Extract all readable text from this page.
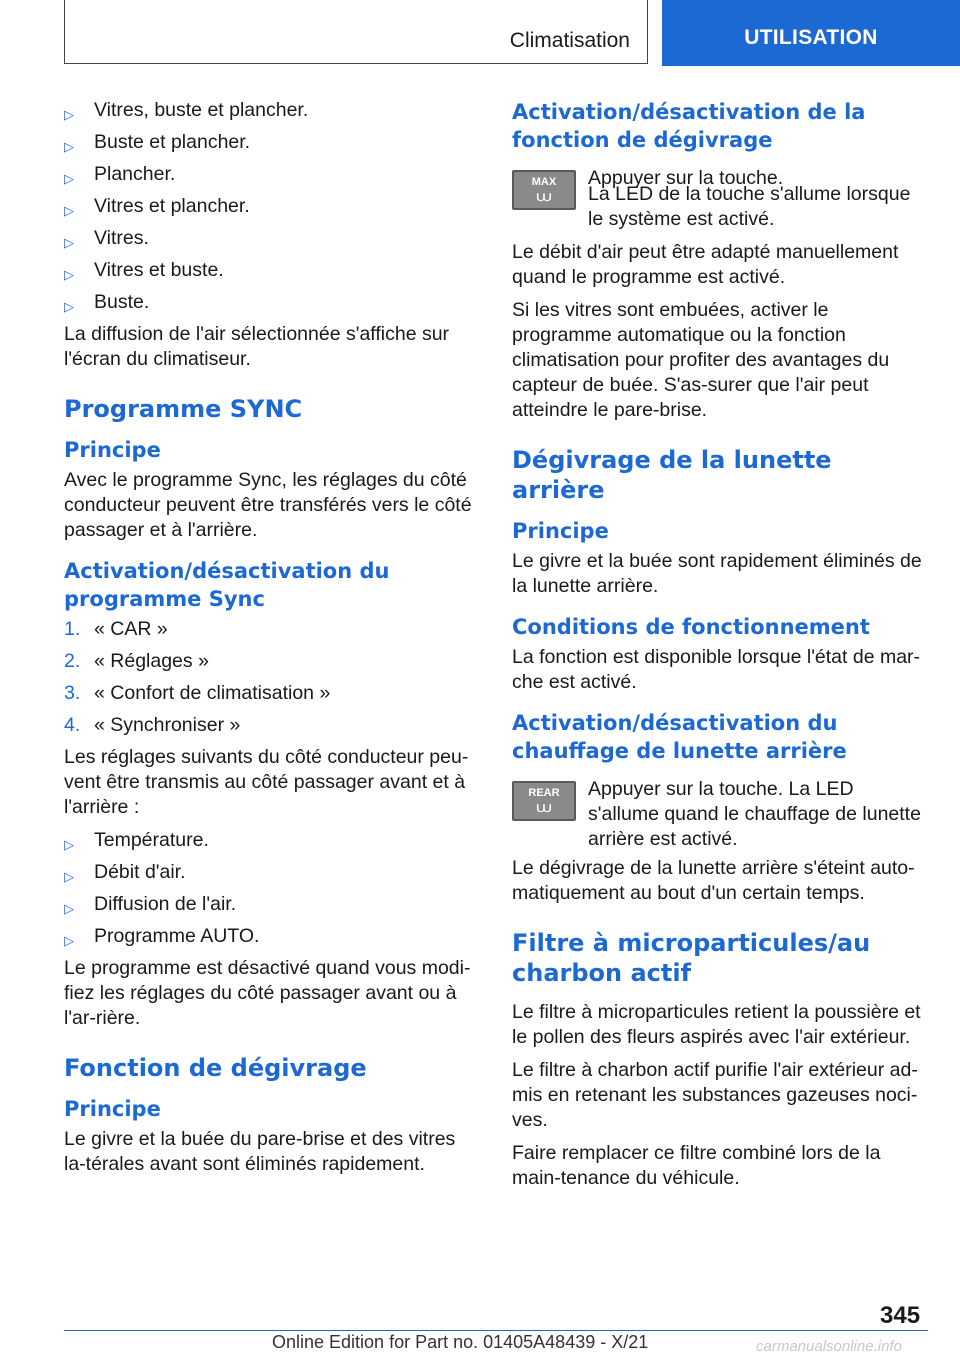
Climatisation	UTILISATION
▷ Vitres, buste et plancher.
▷ Buste et plancher.
▷ Plancher.
▷ Vitres et plancher.
▷ Vitres.
▷ Vitres et buste.
▷ Buste.

La diffusion de l'air sélectionnée s'affiche sur l'écran du climatiseur.

Programme SYNC
Principe

Avec le programme Sync, les réglages du côté conducteur peuvent être transférés vers le côté passager et à l'arrière.

Activation/désactivation du programme Sync
1. « CAR »
2. « Réglages »
3. « Confort de climatisation »
4. « Synchroniser »

Les réglages suivants du côté conducteur peu-vent être transmis au côté passager avant et à l'arrière :

▷ Température.
▷ Débit d'air.
▷ Diffusion de l'air.
▷ Programme AUTO.

Le programme est désactivé quand vous modi-fiez les réglages du côté passager avant ou à l'ar-rière.

Fonction de dégivrage
Principe

Le givre et la buée du pare-brise et des vitres la-térales avant sont éliminés rapidement.

Activation/désactivation de la fonction de dégivrage
MAX
⩊

Appuyer sur la touche.

La LED de la touche s'allume lorsque le système est activé.

Le débit d'air peut être adapté manuellement quand le programme est activé.

Si les vitres sont embuées, activer le programme automatique ou la fonction climatisation pour profiter des avantages du capteur de buée. S'as-surer que l'air peut atteindre le pare-brise.

Dégivrage de la lunette arrière
Principe

Le givre et la buée sont rapidement éliminés de la lunette arrière.

Conditions de fonctionnement

La fonction est disponible lorsque l'état de mar-che est activé.

Activation/désactivation du chauffage de lunette arrière
REAR
⩊

Appuyer sur la touche. La LED s'allume quand le chauffage de lunette arrière est activé.

Le dégivrage de la lunette arrière s'éteint auto-matiquement au bout d'un certain temps.

Filtre à microparticules/au charbon actif

Le filtre à microparticules retient la poussière et le pollen des fleurs aspirés avec l'air extérieur.

Le filtre à charbon actif purifie l'air extérieur ad-mis en retenant les substances gazeuses noci-ves.

Faire remplacer ce filtre combiné lors de la main-tenance du véhicule.

345
Online Edition for Part no. 01405A48439 - X/21	carmanualsonline.info
